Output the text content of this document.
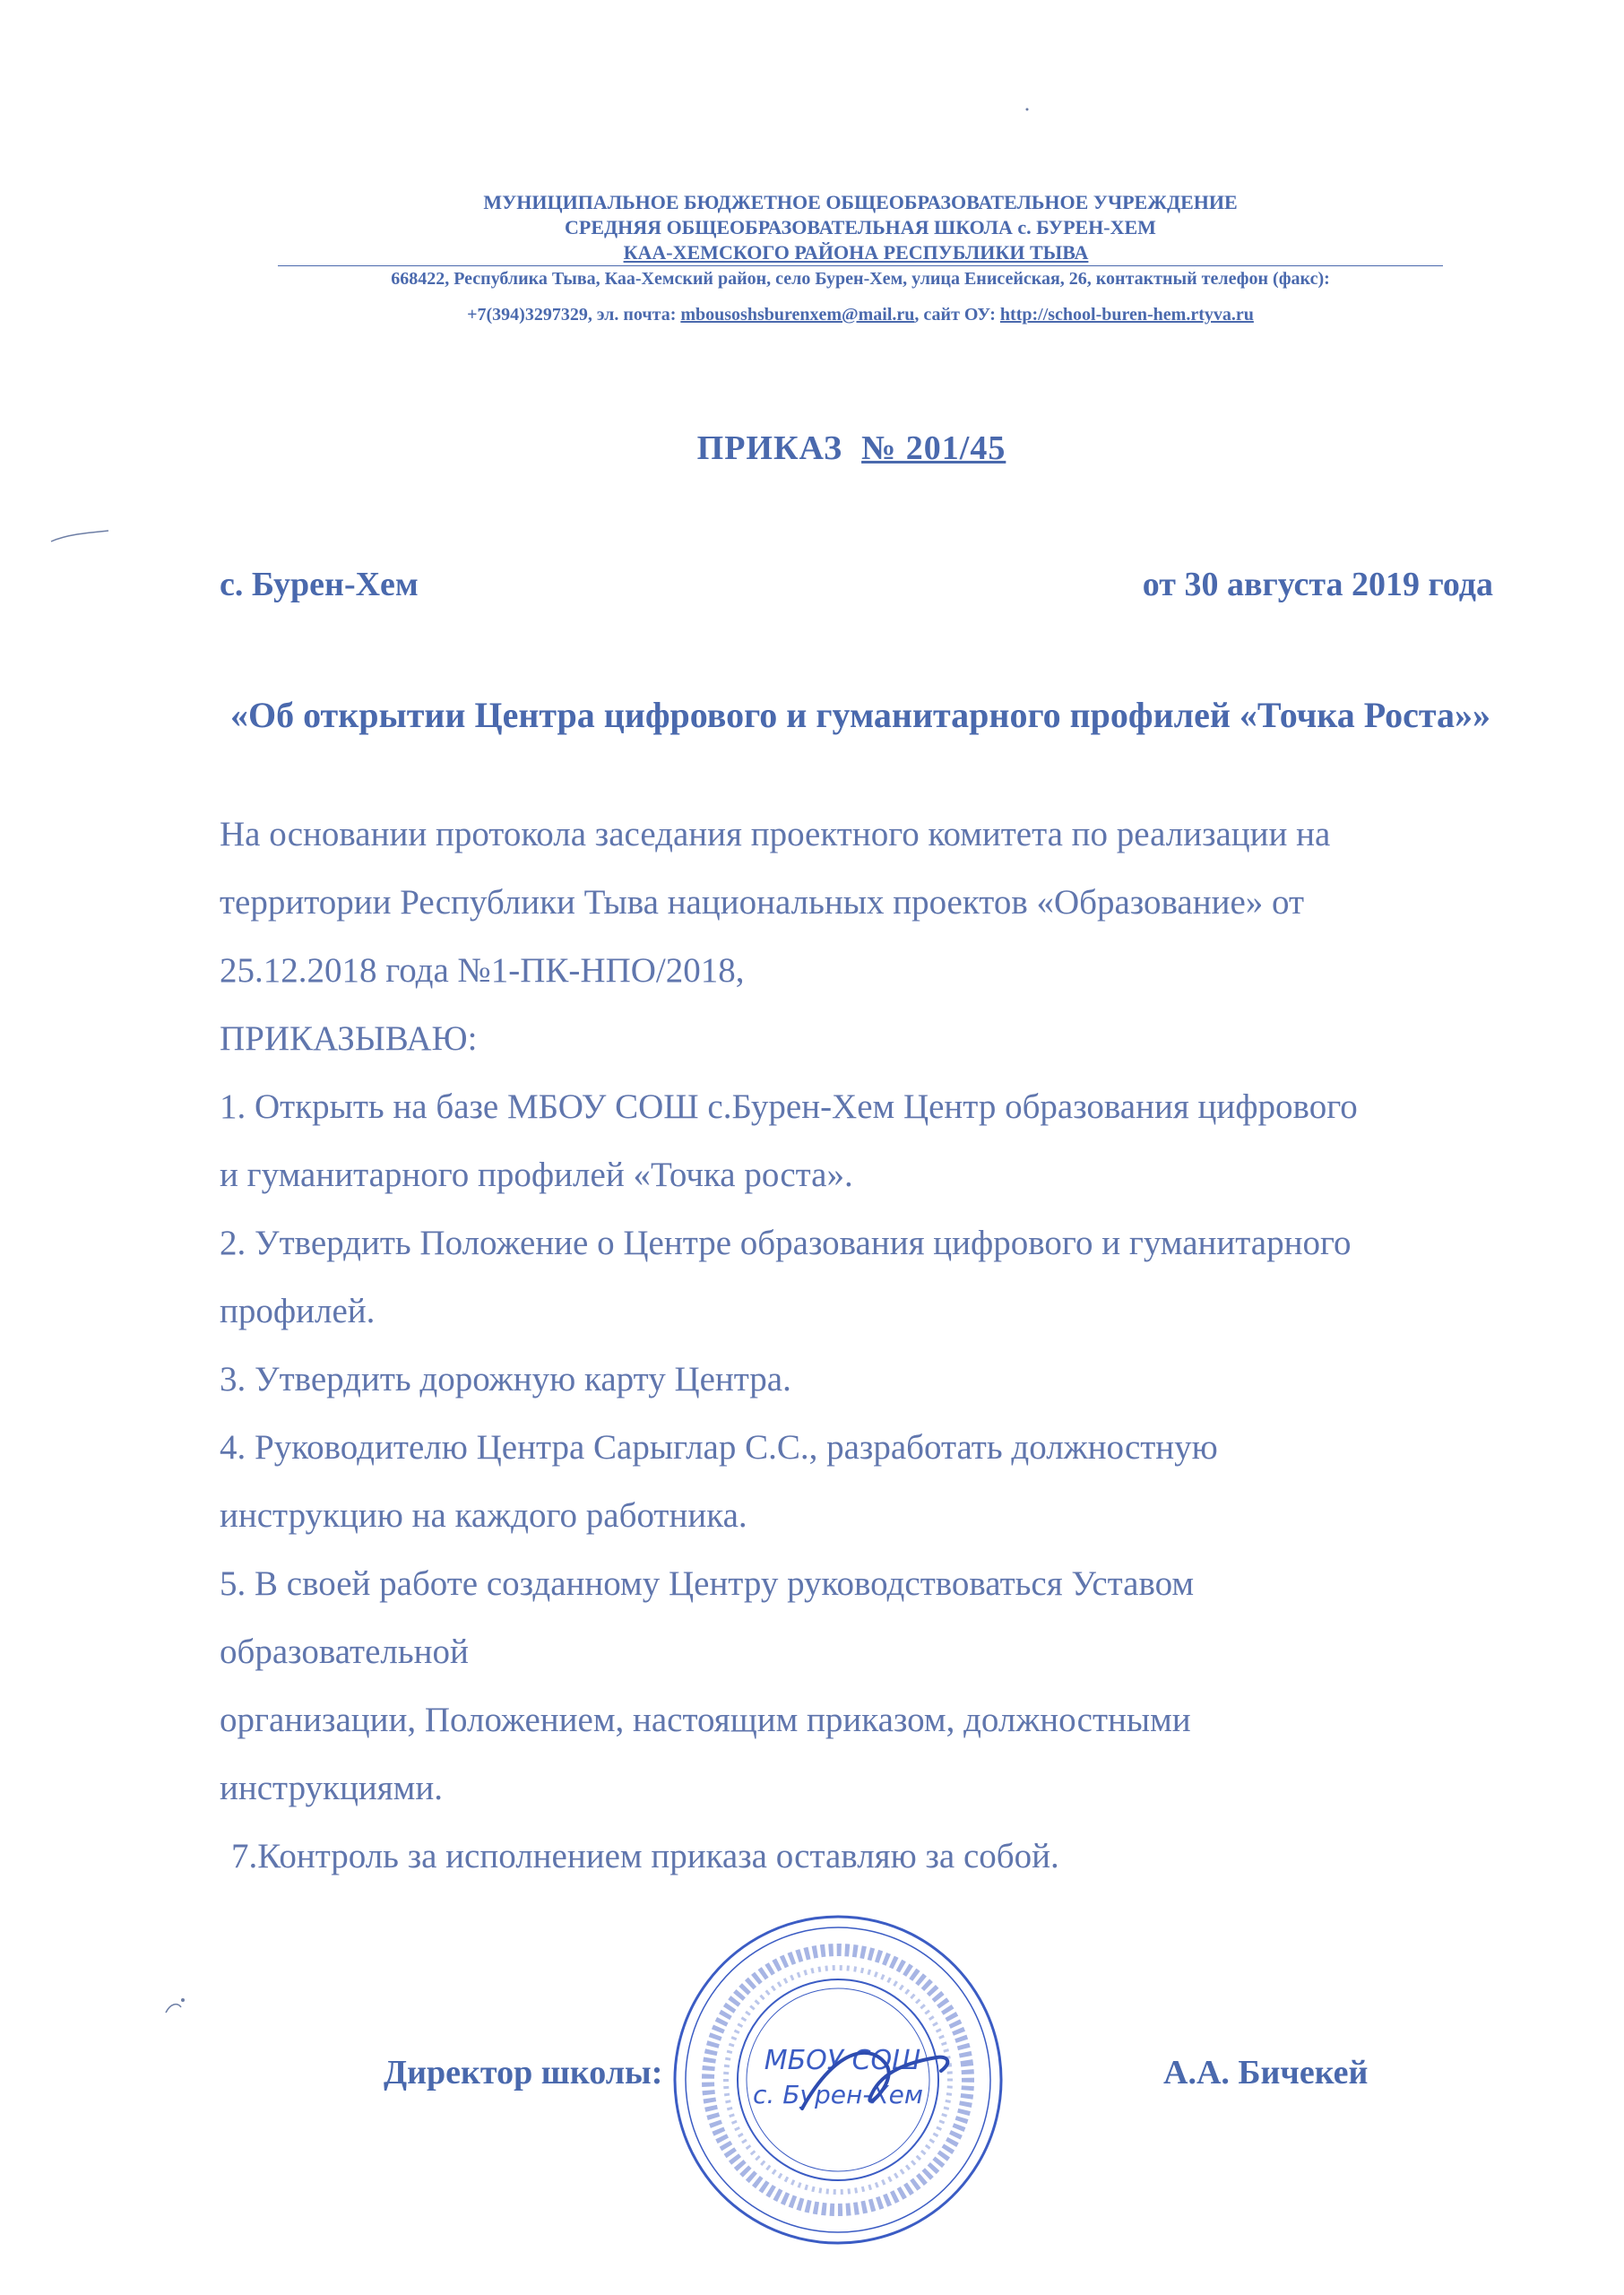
МУНИЦИПАЛЬНОЕ БЮДЖЕТНОЕ ОБЩЕОБРАЗОВАТЕЛЬНОЕ УЧРЕЖДЕНИЕ
СРЕДНЯЯ ОБЩЕОБРАЗОВАТЕЛЬНАЯ ШКОЛА с. БУРЕН-ХЕМ
КАА-ХЕМСКОГО РАЙОНА РЕСПУБЛИКИ ТЫВА
668422, Республика Тыва, Каа-Хемский район, село Бурен-Хем, улица Енисейская, 26, контактный телефон (факс):
+7(394)3297329, эл. почта: mbousoshsburenxem@mail.ru, сайт ОУ: http://school-buren-hem.rtyva.ru
ПРИКАЗ № 201/45
с. Бурен-Хем	от 30 августа 2019 года
«Об открытии Центра цифрового и гуманитарного профилей «Точка Роста»»
На основании протокола заседания проектного комитета по реализации на
территории Республики Тыва национальных проектов «Образование» от
25.12.2018 года №1-ПК-НПО/2018,
ПРИКАЗЫВАЮ:
1. Открыть на базе МБОУ СОШ с.Бурен-Хем Центр образования цифрового
и гуманитарного профилей «Точка роста».
2. Утвердить Положение о Центре образования цифрового и гуманитарного
профилей.
3. Утвердить дорожную карту Центра.
4. Руководителю Центра Сарыглар С.С., разработать должностную
инструкцию на каждого работника.
5. В своей работе созданному Центру руководствоваться Уставом
образовательной
организации, Положением, настоящим приказом, должностными
инструкциями.
7.Контроль за исполнением приказа оставляю за собой.
Директор школы:	А.А. Бичекей
МБОУ СОШ
с. Бурен-Хем
